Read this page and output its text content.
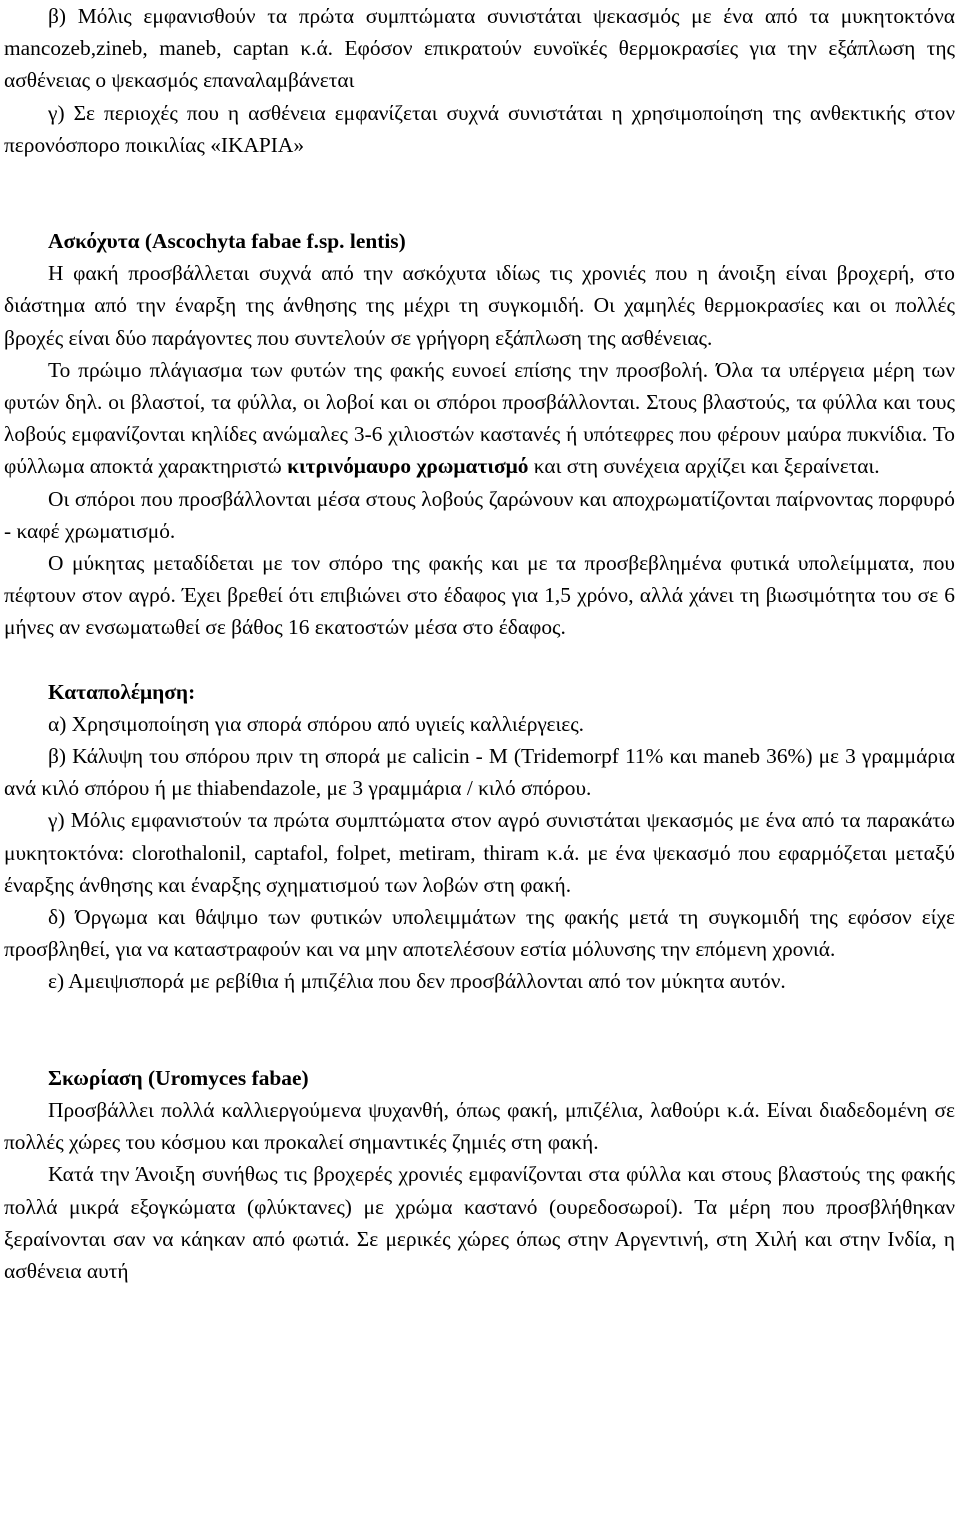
β) Μόλις εμφανισθούν τα πρώτα συμπτώματα συνιστάται ψεκασμός με ένα από τα μυκητοκτόνα mancozeb,zineb, maneb, captan κ.ά. Εφόσον επικρατούν ευνοϊκές θερμοκρασίες για την εξάπλωση της ασθένειας ο ψεκασμός επαναλαμβάνεται

γ) Σε περιοχές που η ασθένεια εμφανίζεται συχνά συνιστάται η χρησιμοποίηση της ανθεκτικής στον περονόσπορο ποικιλίας «ΙΚΑΡΙΑ»

Ασκόχυτα (Ascochyta fabae f.sp. lentis)

Η φακή προσβάλλεται συχνά από την ασκόχυτα ιδίως τις χρονιές που η άνοιξη είναι βροχερή, στο διάστημα από την έναρξη της άνθησης της μέχρι τη συγκομιδή. Οι χαμηλές θερμοκρασίες και οι πολλές βροχές είναι δύο παράγοντες που συντελούν σε γρήγορη εξάπλωση της ασθένειας.

Το πρώιμο πλάγιασμα των φυτών της φακής ευνοεί επίσης την προσβολή. Όλα τα υπέργεια μέρη των φυτών δηλ. οι βλαστοί, τα φύλλα, οι λοβοί και οι σπόροι προσβάλλονται. Στους βλαστούς, τα φύλλα και τους λοβούς εμφανίζονται κηλίδες ανώμαλες 3-6 χιλιοστών καστανές ή υπότεφρες που φέρουν μαύρα πυκνίδια. Το φύλλωμα αποκτά χαρακτηριστώ κιτρινόμαυρο χρωματισμό και στη συνέχεια αρχίζει και ξεραίνεται.

Οι σπόροι που προσβάλλονται μέσα στους λοβούς ζαρώνουν και αποχρωματίζονται παίρνοντας πορφυρό - καφέ χρωματισμό.

Ο μύκητας μεταδίδεται με τον σπόρο της φακής και με τα προσβεβλημένα φυτικά υπολείμματα, που πέφτουν στον αγρό. Έχει βρεθεί ότι επιβιώνει στο έδαφος για 1,5 χρόνο, αλλά χάνει τη βιωσιμότητα του σε 6 μήνες αν ενσωματωθεί σε βάθος 16 εκατοστών μέσα στο έδαφος.

Καταπολέμηση:

α) Χρησιμοποίηση για σπορά σπόρου από υγιείς καλλιέργειες.

β) Κάλυψη του σπόρου πριν τη σπορά με calicin - M (Tridemorpf 11% και maneb 36%) με 3 γραμμάρια ανά κιλό σπόρου ή με thiabendazole, με 3 γραμμάρια / κιλό σπόρου.

γ) Μόλις εμφανιστούν τα πρώτα συμπτώματα στον αγρό συνιστάται ψεκασμός με ένα από τα παρακάτω μυκητοκτόνα: clorothalonil, captafol, folpet, metiram, thiram κ.ά. με ένα ψεκασμό που εφαρμόζεται μεταξύ έναρξης άνθησης και έναρξης σχηματισμού των λοβών στη φακή.

δ) Όργωμα και θάψιμο των φυτικών υπολειμμάτων της φακής μετά τη συγκομιδή της εφόσον είχε προσβληθεί, για να καταστραφούν και να μην αποτελέσουν εστία μόλυνσης την επόμενη χρονιά.

ε) Αμειψισπορά με ρεβίθια ή μπιζέλια που δεν προσβάλλονται από τον μύκητα αυτόν.

Σκωρίαση (Uromyces fabae)

Προσβάλλει πολλά καλλιεργούμενα ψυχανθή, όπως φακή, μπιζέλια, λαθούρι κ.ά. Είναι διαδεδομένη σε πολλές χώρες του κόσμου και προκαλεί σημαντικές ζημιές στη φακή.

Κατά την Άνοιξη συνήθως τις βροχερές χρονιές εμφανίζονται στα φύλλα και στους βλαστούς της φακής πολλά μικρά εξογκώματα (φλύκτανες) με χρώμα καστανό (ουρεδοσωροί). Τα μέρη που προσβλήθηκαν ξεραίνονται σαν να κάηκαν από φωτιά. Σε μερικές χώρες όπως στην Αργεντινή, στη Χιλή και στην Ινδία, η ασθένεια αυτή
